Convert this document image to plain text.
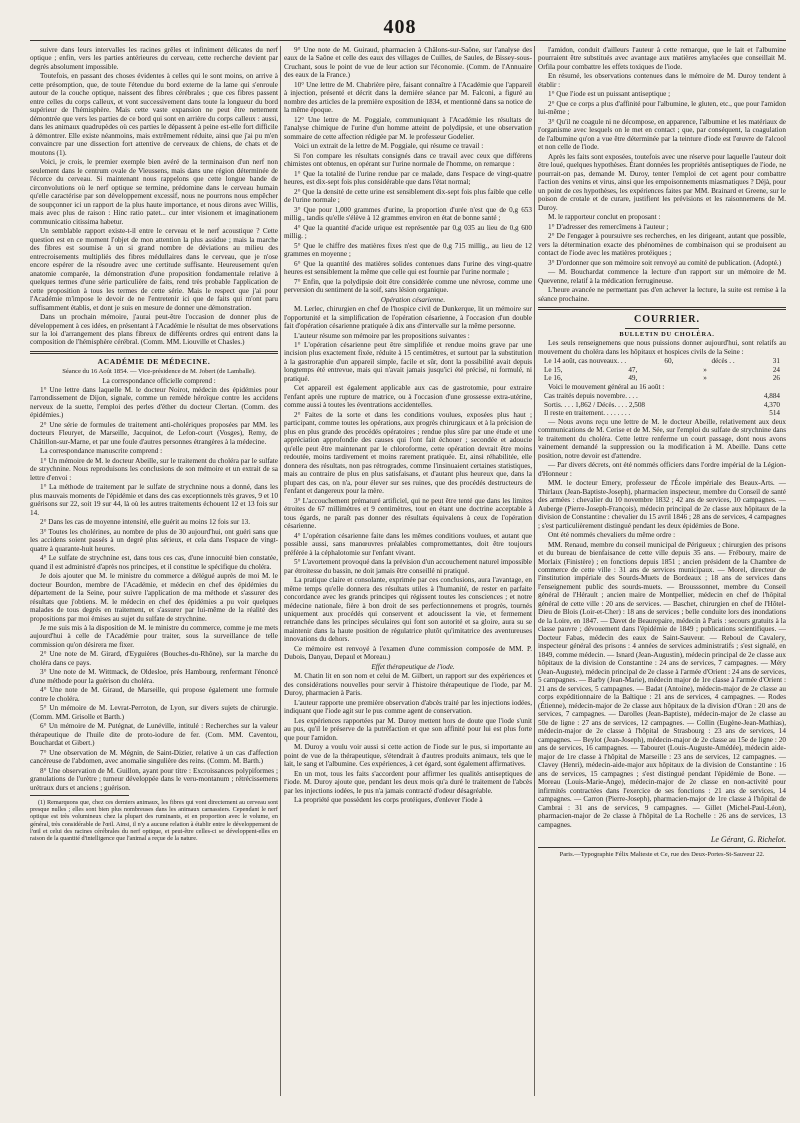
408

suivre dans leurs intervalles les racines grêles et infiniment délicates du nerf optique ; enfin, vers les parties antérieures du cerveau, cette recherche devient par degrés absolument impossible.

Toutefois, en passant des choses évidentes à celles qui le sont moins, on arrive à cette présomption, que, de toute l'étendue du bord externe de la lame qui s'enroule autour de la couche optique, naissent des fibres cérébrales ; que ces fibres passent entre celles du corps calleux, et vont successivement dans toute la longueur du bord supérieur de l'hémisphère. Mais cette vaste expansion ne peut être nettement démontrée que vers les parties de ce bord qui sont en arrière du corps calleux : aussi, dans les animaux quadrupèdes où ces parties le dépassent à peine est-elle fort difficile à démontrer. Elle existe néanmoins, mais extrêmement réduite, ainsi que j'ai pu m'en convaincre par une dissection fort attentive de cerveaux de chiens, de chats et de moutons (1).

Voici, je crois, le premier exemple bien avéré de la terminaison d'un nerf non seulement dans le centrum ovale de Vieussens, mais dans une région déterminée de l'écorce du cerveau. Si maintenant nous rappelons que cette longue bande de circonvolutions où le nerf optique se termine, prédomine dans le cerveau humain qu'elle caractérise par son développement excessif, nous ne pourrons nous empêcher de soupçonner ici un rapport de la plus haute importance, et nous dirons avec Willis, mais avec plus de raison : Hinc ratio patet... cur inter visionem et imaginationem communicatio citissima habetur.

Un semblable rapport existe-t-il entre le cerveau et le nerf acoustique ? Cette question est en ce moment l'objet de mon attention la plus assidue ; mais la marche des fibres est soumise à un si grand nombre de déviations au milieu des entrecroisements multipliés des fibres médullaires dans le cerveau, que je n'ose encore espérer de la résoudre avec une certitude suffisante. Heureusement qu'en anatomie comparée, la démonstration d'une proposition fondamentale relative à quelques termes d'une série particulière de faits, rend très probable l'application de cette proposition à tous les termes de cette série. Mais le respect que j'ai pour l'Académie m'impose le devoir de ne l'entretenir ici que de faits qui m'ont paru suffisamment établis, et dont je suis en mesure de donner une démonstration.

Dans un prochain mémoire, j'aurai peut-être l'occasion de donner plus de développement à ces idées, en présentant à l'Académie le résultat de mes observations sur la loi d'arrangement des plans fibreux de différents ordres qui entrent dans la composition de l'hémisphère cérébral. (Comm. MM. Liouville et Chasles.)

ACADÉMIE DE MÉDECINE.

Séance du 16 Août 1854. — Vice-présidence de M. Jobert (de Lamballe).

La correspondance officielle comprend :

1° Une lettre dans laquelle M. le docteur Noirot, médecin des épidémies pour l'arrondissement de Dijon, signale, comme un remède héroïque contre les accidens nerveux de la suette, l'emploi des perles d'éther du docteur Clertan. (Comm. des épidémies.)

2° Une série de formules de traitement anti-cholériques proposées par MM. les docteurs Fleuryet, de Marseille, Jacquinot, de Lefon-court (Vosges), Remy, de Châtillon-sur-Marne, et par une foule d'autres personnes étrangères à la médecine.

La correspondance manuscrite comprend :

1° Un mémoire de M. le docteur Abeille, sur le traitement du choléra par le sulfate de strychnine. Nous reproduisons les conclusions de son mémoire et un extrait de sa lettre d'envoi :

1° La méthode de traitement par le sulfate de strychnine nous a donné, dans les plus mauvais moments de l'épidémie et dans des cas exceptionnels très graves, 9 et 10 guérisons sur 22, soit 19 sur 44, là où les autres traitements échouent 12 et 13 fois sur 14.

2° Dans les cas de moyenne intensité, elle guérit au moins 12 fois sur 13.

3° Toutes les cholérines, au nombre de plus de 30 aujourd'hui, ont guéri sans que les accidens soient passés à un degré plus sérieux, et cela dans l'espace de vingt-quatre à quarante-huit heures.

4° Le sulfate de strychnine est, dans tous ces cas, d'une innocuité bien constatée, quand il est administré d'après nos principes, et il constitue le spécifique du choléra.

Je dois ajouter que M. le ministre du commerce a délégué auprès de moi M. le docteur Bourdon, membre de l'Académie, et médecin en chef des épidémies du département de la Seine, pour suivre l'application de ma méthode et s'assurer des résultats que j'obtiens. M. le médecin en chef des épidémies a pu voir quelques malades de tous degrés en traitement, et s'assurer par lui-même de la réalité des propositions par moi émises au sujet du sulfate de strychnine.

Je me suis mis à la disposition de M. le ministre du commerce, comme je me mets aujourd'hui à celle de l'Académie pour traiter, sous la surveillance de telle commission qu'on désirera me fixer.

2° Une note de M. Girard, d'Eyguières (Bouches-du-Rhône), sur la marche du choléra dans ce pays.

3° Une note de M. Wittmack, de Oldesloe, près Hambourg, renfermant l'énoncé d'une méthode pour la guérison du choléra.

4° Une note de M. Giraud, de Marseille, qui propose également une formule contre le choléra.

5° Un mémoire de M. Levrat-Perroton, de Lyon, sur divers sujets de chirurgie. (Comm. MM. Grisolle et Barth.)

6° Un mémoire de M. Putégnat, de Lunéville, intitulé : Recherches sur la valeur thérapeutique de l'huile dite de proto-iodure de fer. (Com. MM. Caventou, Bouchardat et Gibert.)

7° Une observation de M. Mégnin, de Saint-Dizier, relative à un cas d'affection cancéreuse de l'abdomen, avec anomalie singulière des reins. (Comm. M. Barth.)

8° Une observation de M. Guillon, ayant pour titre : Excroissances polypiformes ; granulations de l'urètre ; tumeur développée dans le veru-montanum ; rétrécissemens urétraux durs et anciens ; guérison.

(1) Remarquons que, chez ces derniers animaux, les fibres qui vont directement au cerveau sont presque nulles ; elles sont bien plus nombreuses dans les animaux carnassiers. Cependant le nerf optique est très volumineux chez la plupart des ruminants, et en proportion avec le volume, en général, très considérable de l'œil. Ainsi, il n'y a aucune relation à établir entre le développement de l'œil et celui des racines cérébrales du nerf optique, et peut-être celles-ci se développent-elles en raison de la quantité d'intelligence que l'animal a reçue de la nature.

9° Une note de M. Guiraud, pharmacien à Châlons-sur-Saône, sur l'analyse des eaux de la Saône et celle des eaux des villages de Cuilles, de Saules, de Bissey-sous-Cruchant, sous le point de vue de leur action sur l'économie. (Comm. de l'Annuaire des eaux de la France.)

10° Une lettre de M. Chabrière père, faisant connaître à l'Académie que l'appareil à injection, présenté et décrit dans la dernière séance par M. Falconi, a figuré au nombre des articles de la première exposition de 1834, et mentionné dans sa notice de la même époque.

12° Une lettre de M. Poggiale, communiquant à l'Académie les résultats de l'analyse chimique de l'urine d'un homme atteint de polydipsie, et une observation sommaire de cette affection rédigée par M. le professeur Godelier.

Voici un extrait de la lettre de M. Poggiale, qui résume ce travail :

Si l'on compare les résultats consignés dans ce travail avec ceux que différens chimistes ont obtenus, en opérant sur l'urine normale de l'homme, on remarque :

1° Que la totalité de l'urine rendue par ce malade, dans l'espace de vingt-quatre heures, est dix-sept fois plus considérable que dans l'état normal;

2° Que la densité de cette urine est sensiblement dix-sept fois plus faible que celle de l'urine normale ;

3° Que pour 1,000 grammes d'urine, la proportion d'urée n'est que de 0,g 653 millig., tandis qu'elle s'élève à 12 grammes environ en état de bonne santé ;

4° Que la quantité d'acide urique est représentée par 0,g 035 au lieu de 0,g 600 millig. ;

5° Que le chiffre des matières fixes n'est que de 0,g 715 millig., au lieu de 12 grammes en moyenne ;

6° Que la quantité des matières solides contenues dans l'urine des vingt-quatre heures est sensiblement la même que celle qui est fournie par l'urine normale ;

7° Enfin, que la polydipsie doit être considérée comme une névrose, comme une perversion du sentiment de la soif, sans lésion organique.

Opération césarienne.

M. Lerlec, chirurgien en chef de l'hospice civil de Dunkerque, lit un mémoire sur l'opportunité et la simplification de l'opération césarienne, à l'occasion d'un double fait d'opération césarienne pratiquée à dix ans d'intervalle sur la même personne.

L'auteur résume son mémoire par les propositions suivantes :

1° L'opération césarienne peut être simplifiée et rendue moins grave par une incision plus exactement fixée, réduite à 15 centimètres, et surtout par la substitution à la gastroraphie d'un appareil simple, facile et sûr, dont la possibilité avait depuis longtemps été entrevue, mais qui n'avait jamais jusqu'ici été précisé, ni formulé, ni pratiqué.

Cet appareil est également applicable aux cas de gastrotomie, pour extraire l'enfant après une rupture de matrice, ou à l'occasion d'une grossesse extra-utérine, comme aussi à toutes les éventrations accidentelles.

2° Faites de la sorte et dans les conditions voulues, exposées plus haut ; participant, comme toutes les opérations, aux progrès chirurgicaux et à la précision de plus en plus grande des procédés opératoires ; rendue plus sûre par une étude et une appréciation approfondie des causes qui l'ont fait échouer ; secondée et adoucie qu'elle peut être maintenant par le chloroforme, cette opération devrait être moins redoutée, moins tardivement et moins rarement pratiquée. Et, ainsi réhabilitée, elle donnera des résultats, non pas rétrogrades, comme l'insinuaient certaines statistiques, mais au contraire de plus en plus satisfaisans, et d'autant plus heureux que, dans la plupart des cas, on n'a, pour élever sur ses ruines, que des procédés destructeurs de l'enfant et dangereux pour la mère.

3° L'accouchement prématuré artificiel, qui ne peut être tenté que dans les limites étroites de 67 millimètres et 9 centimètres, tout en étant une doctrine acceptable à tous égards, ne paraît pas donner des résultats équivalens à ceux de l'opération césarienne.

4° L'opération césarienne faite dans les mêmes conditions voulues, et autant que possible aussi, sans manœuvres préalables compromettantes, doit être toujours préférée à la céphalotomie sur l'enfant vivant.

5° L'avortement provoqué dans la prévision d'un accouchement naturel impossible par étroitesse du bassin, ne doit jamais être conseillé ni pratiqué.

La pratique claire et consolante, exprimée par ces conclusions, aura l'avantage, en même temps qu'elle donnera des résultats utiles à l'humanité, de rester en parfaite concordance avec les grands principes qui régissent toutes les consciences ; et notre médecine nationale, fière à bon droit de ses perfectionnemens et progrès, tournés uniquement aux procédés qui conservent et adoucissent la vie, et fermement retranchée dans les principes séculaires qui font son autorité et sa gloire, aura su se maintenir dans la haute position de régulatrice plutôt qu'imitatrice des aventureuses innovations du dehors.

Ce mémoire est renvoyé à l'examen d'une commission composée de MM. P. Dubois, Danyau, Depaul et Moreau.)

Effet thérapeutique de l'iode.

M. Chatin lit en son nom et celui de M. Gilbert, un rapport sur des expériences et des considérations nouvelles pour servir à l'histoire thérapeutique de l'iode, par M. Duroy, pharmacien à Paris.

L'auteur rapporte une première observation d'abcès traité par les injections iodées, indiquant que l'iode agit sur le pus comme agent de conservation.

Les expériences rapportées par M. Duroy mettent hors de doute que l'iode s'unit au pus, qu'il le préserve de la putréfaction et que son affinité pour lui est plus forte que pour l'amidon.

M. Duroy a voulu voir aussi si cette action de l'iode sur le pus, si importante au point de vue de la thérapeutique, s'étendrait à d'autres produits animaux, tels que le lait, le sang et l'albumine. Ces expériences, à cet égard, sont également affirmatives.

En un mot, tous les faits s'accordent pour affirmer les qualités antiseptiques de l'iode. M. Duroy ajoute que, pendant les deux mois qu'a duré le traitement de l'abcès par les injections iodées, le pus n'a jamais contracté d'odeur désagréable.

La propriété que possèdent les corps protéiques, d'enlever l'iode à

l'amidon, conduit d'ailleurs l'auteur à cette remarque, que le lait et l'albumine pourraient être substitués avec avantage aux matières amylacées que conseillait M. Orfila pour combattre les effets toxiques de l'iode.

En résumé, les observations contenues dans le mémoire de M. Duroy tendent à établir :

1° Que l'iode est un puissant antiseptique ;

2° Que ce corps a plus d'affinité pour l'albumine, le gluten, etc., que pour l'amidon lui-même ;

3° Qu'il ne coagule ni ne décompose, en apparence, l'albumine et les matériaux de l'organisme avec lesquels on le met en contact ; que, par conséquent, la coagulation de l'albumine qu'on a vue être déterminée par la teinture d'iode est l'œuvre de l'alcool et non celle de l'iode.

Après les faits sont exposées, toutefois avec une réserve pour laquelle l'auteur doit être loué, quelques hypothèses. Étant données les propriétés antiseptiques de l'iode, ne pourrait-on pas, demande M. Duroy, tenter l'emploi de cet agent pour combattre l'action des venins et virus, ainsi que les empoisonnements miasmatiques ? Déjà, pour un point de ces hypothèses, les expériences faites par MM. Brainard et Greene, sur le poison de crotale et de curare, justifient les prévisions et les raisonnemens de M. Duroy.

M. le rapporteur conclut en proposant :

1° D'adresser des remercîmens à l'auteur ;

2° De l'engager à poursuivre ses recherches, en les dirigeant, autant que possible, vers la détermination exacte des phénomènes de combinaison qui se produisent au contact de l'iode avec les matières protéiques ;

3° D'ordonner que son mémoire soit renvoyé au comité de publication. (Adopté.)

— M. Bouchardat commence la lecture d'un rapport sur un mémoire de M. Quevenne, relatif à la médication ferrugineuse.

L'heure avancée ne permettant pas d'en achever la lecture, la suite est remise à la séance prochaine.

COURRIER.

BULLETIN DU CHOLÉRA.

Les seuls renseignemens que nous puissions donner aujourd'hui, sont relatifs au mouvement du choléra dans les hôpitaux et hospices civils de la Seine :

Le 14 août, cas nouveaux. . .	60,	décès . .	31
Le 15,	47,	»	24
Le 16,	49,	»	26

Voici le mouvement général au 16 août :

Cas traités depuis novembre. . . .	4,884
Sortis. . . . 1,862 / Décès. . . . 2,508	4,370
Il reste en traitement. . . . . . . .	514

— Nous avons reçu une lettre de M. le docteur Abeille, relativement aux deux communications de M. Cerise et de M. Sée, sur l'emploi du sulfate de strychnine dans le traitement du choléra. Cette lettre renferme un court passage, dont nous avons vainement demandé la suppression ou la modification à M. Abeille. Dans cette position, notre devoir est d'attendre.

— Par divers décrets, ont été nommés officiers dans l'ordre impérial de la Légion-d'Honneur :

MM. le docteur Emery, professeur de l'École impériale des Beaux-Arts. — Thirlaux (Jean-Baptiste-Joseph), pharmacien inspecteur, membre du Conseil de santé des armées : chevalier du 10 novembre 1832 ; 42 ans de services, 10 campagnes. — Auberge (Pierre-Joseph-François), médecin principal de 2e classe aux hôpitaux de la division de Constantine : chevalier du 15 avril 1846 ; 28 ans de services, 4 campagnes ; s'est particulièrement distingué pendant les deux épidémies de Bone.

Ont été nommés chevaliers du même ordre :

MM. Renaud, membre du conseil municipal de Périgueux ; chirurgien des prisons et du bureau de bienfaisance de cette ville depuis 35 ans. — Fréboury, maire de Morlaix (Finistère) ; en fonctions depuis 1851 ; ancien président de la Chambre de commerce de cette ville : 31 ans de services municipaux. — Morel, directeur de l'institution impériale des Sourds-Muets de Bordeaux ; 18 ans de services dans l'enseignement public des sourds-muets. — Brousssonnet, membre du Conseil général de l'Hérault ; ancien maire de Montpellier, médecin en chef de l'hôpital général de cette ville : 20 ans de services. — Baschet, chirurgien en chef de l'Hôtel-Dieu de Blois (Loir-et-Cher) : 18 ans de services ; belle conduite lors des inondations de la Loire, en 1847. — Davet de Beaurepaire, médecin à Paris : secours gratuits à la classe pauvre ; dévouement dans l'épidémie de 1849 ; publications scientifiques. — Docteur Fabas, médecin des eaux de Saint-Sauveur. — Reboul de Cavalery, inspecteur général des prisons : 4 années de services administratifs ; s'est signalé, en 1849, comme médecin. — Isnard (Jean-Augustin), médecin principal de 2e classe aux hôpitaux de la division de Constantine : 24 ans de services, 7 campagnes. — Méry (Jean-Auguste), médecin principal de 2e classe à l'armée d'Orient : 24 ans de services, 5 campagnes. — Barby (Jean-Marie), médecin major de 1re classe à l'armée d'Orient : 21 ans de services, 5 campagnes. — Badat (Antoine), médecin-major de 2e classe au corps expéditionnaire de la Baltique : 21 ans de services, 4 campagnes. — Rodes (Étienne), médecin-major de 2e classe aux hôpitaux de la division d'Oran : 20 ans de services, 7 campagnes. — Darolles (Jean-Baptiste), médecin-major de 2e classe au 50e de ligne : 27 ans de services, 12 campagnes. — Collin (Eugène-Jean-Mathias), médecin-major de 2e classe à l'hôpital de Strasbourg : 23 ans de services, 14 campagnes. — Beylot (Jean-Joseph), médecin-major de 2e classe au 15e de ligne : 20 ans de services, 16 campagnes. — Tabouret (Louis-Auguste-Amédée), médecin aide-major de 1re classe à l'hôpital de Marseille : 23 ans de services, 12 campagnes. — Clavey (Henri), médecin-aide-major aux hôpitaux de la division de Constantine : 16 ans de services, 15 campagnes ; s'est distingué pendant l'épidémie de Bone. — Moreau (Louis-Marie-Ange), médecin-major de 2e classe en non-activité pour infirmités contractées dans l'exercice de ses fonctions : 21 ans de services, 14 campagnes. — Carron (Pierre-Joseph), pharmacien-major de 1re classe à l'hôpital de Cambrai : 31 ans de services, 9 campagnes. — Gillet (Michel-Paul-Léon), pharmacien-major de 2e classe à l'hôpital de La Rochelle : 26 ans de services, 13 campagnes.

Le Gérant, G. Richelot.
Paris.—Typographie Félix Malteste et Ce, rue des Deux-Portes-St-Sauveur 22.
